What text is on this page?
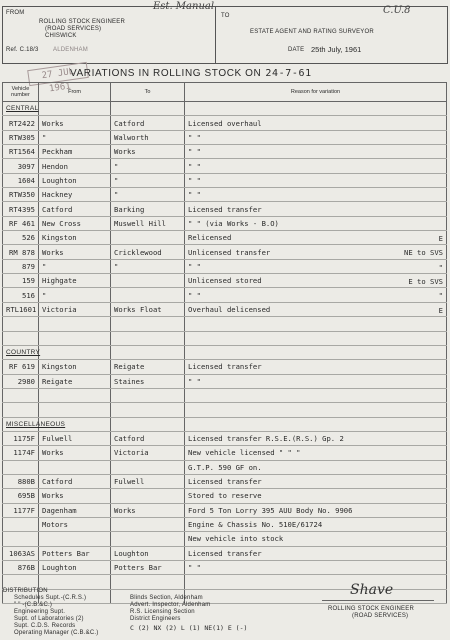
FROM
ROLLING STOCK ENGINEER
(ROAD SERVICES)
CHISWICK
Ref. C.18/3 ALDENHAM
TO
ESTATE AGENT AND RATING SURVEYOR
DATE 25th July, 1961
Est. Manual	C.U.8
27 JUL 1961
VARIATIONS IN ROLLING STOCK ON 24-7-61
Vehicle number	From	To	Reason for variation
CENTRAL			
RT2422	Works	Catford	Licensed overhaul

RTW305	"	Walworth	" "

RT1564	Peckham	Works	" "

3097	Hendon	"	" "

1604	Loughton	"	" "

RTW350	Hackney	"	" "

RT4395	Catford	Barking	Licensed transfer

RF 461	New Cross	Muswell Hill	" " (via Works - B.O)

526	Kingston		Relicensed E

RM 878	Works	Cricklewood	Unlicensed transfer NE to SVS

879	"	"	" " "

159	Highgate		Unlicensed stored E to SVS

516	"		" " "

RTL1601	Victoria	Works Float	Overhaul delicensed E

COUNTRY			
RF 619	Kingston	Reigate	Licensed transfer

2980	Reigate	Staines	" "

MISCELLANEOUS			
1175F	Fulwell	Catford	Licensed transfer R.S.E.(R.S.) Gp. 2

1174F	Works	Victoria	New vehicle licensed " " "

			G.T.P. 590 GF on.

880B	Catford	Fulwell	Licensed transfer

695B	Works		Stored to reserve

1177F	Dagenham	Works	Ford 5 Ton Lorry 395 AUU Body No. 9906

	Motors		Engine & Chassis No. 510E/61724

			New vehicle into stock

1063AS	Potters Bar	Loughton	Licensed transfer

876B	Loughton	Potters Bar	" "

DISTRIBUTION
Schedules Supt.-(C.R.S.)
" " -(C.B.&C.)
Engineering Supt.
Supt. of Laboratories (2)
Supt. C.D.S. Records
Operating Manager (C.B.&C.)
Blinds Section, Aldenham
Advert. Inspector, Aldenham
R.S. Licensing Section
District Engineers
C (2) NX (2) L (1) NE(1) E (-)
Shave
ROLLING STOCK ENGINEER
(ROAD SERVICES)
